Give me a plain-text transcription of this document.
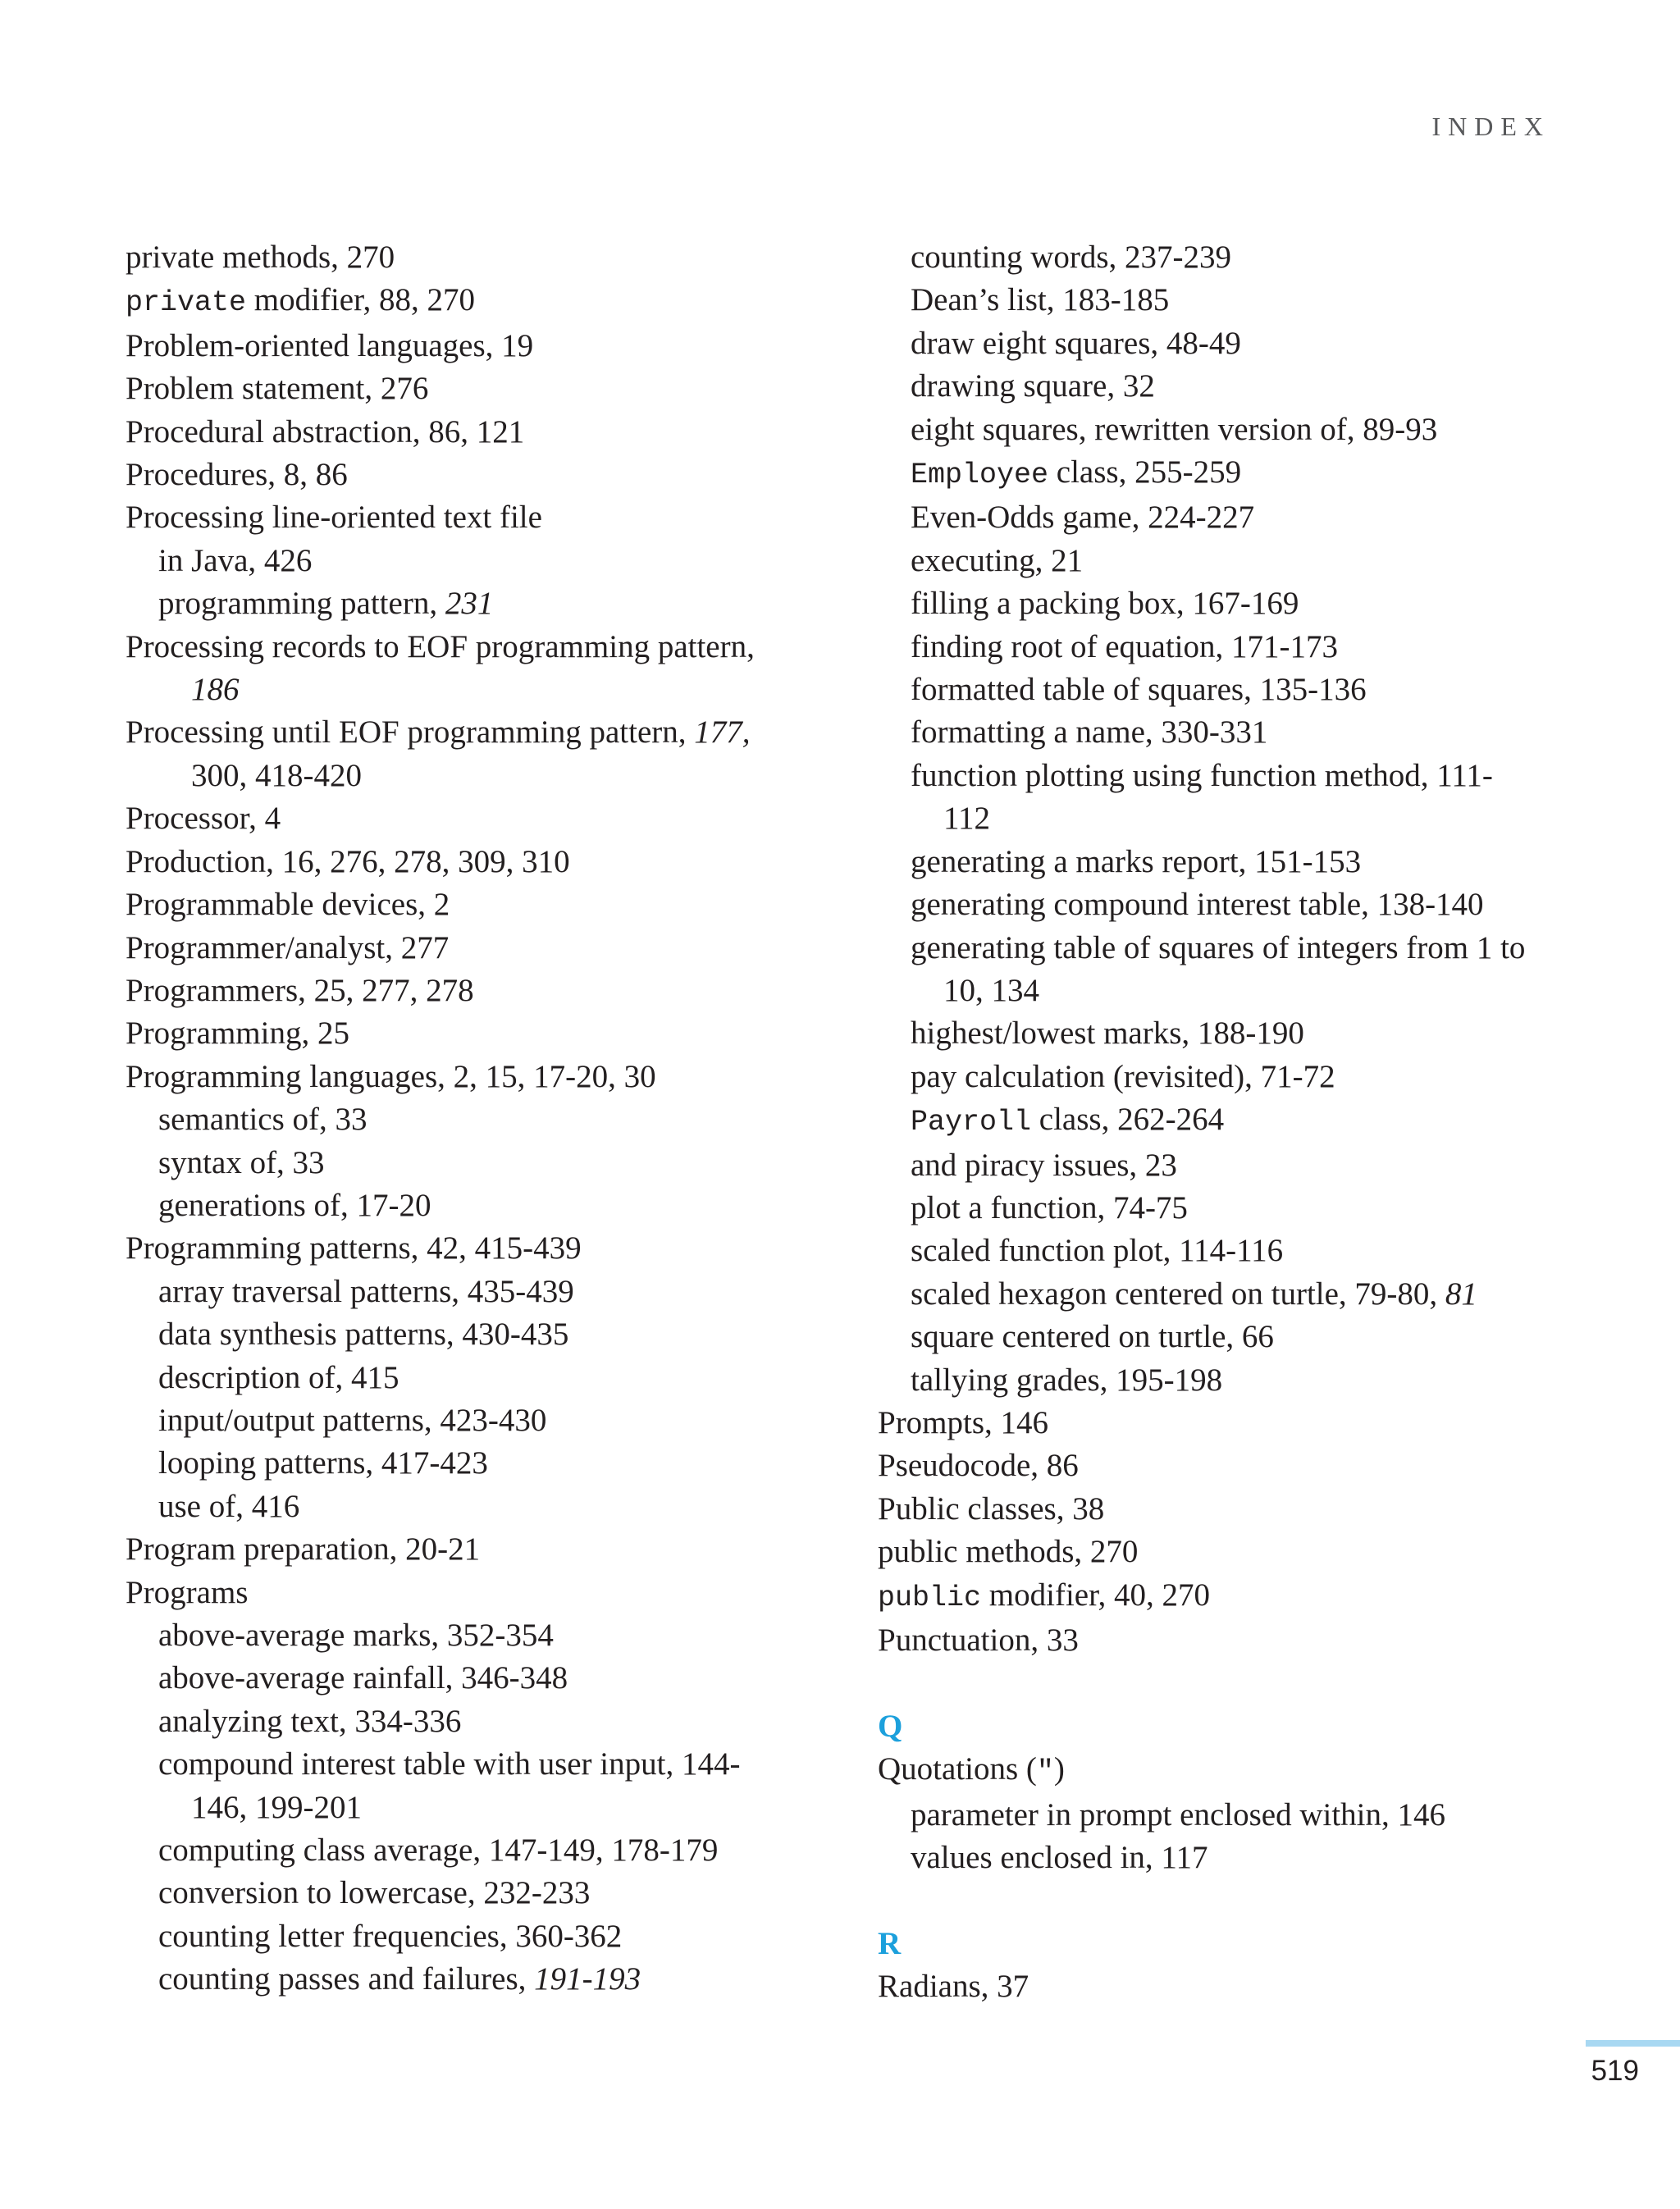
INDEX
private methods, 270
private modifier, 88, 270
Problem-oriented languages, 19
Problem statement, 276
Procedural abstraction, 86, 121
Procedures, 8, 86
Processing line-oriented text file
in Java, 426
programming pattern, 231
Processing records to EOF programming pattern,
186
Processing until EOF programming pattern, 177,
300, 418-420
Processor, 4
Production, 16, 276, 278, 309, 310
Programmable devices, 2
Programmer/analyst, 277
Programmers, 25, 277, 278
Programming, 25
Programming languages, 2, 15, 17-20, 30
semantics of, 33
syntax of, 33
generations of, 17-20
Programming patterns, 42, 415-439
array traversal patterns, 435-439
data synthesis patterns, 430-435
description of, 415
input/output patterns, 423-430
looping patterns, 417-423
use of, 416
Program preparation, 20-21
Programs
above-average marks, 352-354
above-average rainfall, 346-348
analyzing text, 334-336
compound interest table with user input, 144-
146, 199-201
computing class average, 147-149, 178-179
conversion to lowercase, 232-233
counting letter frequencies, 360-362
counting passes and failures, 191-193
counting words, 237-239
Dean’s list, 183-185
draw eight squares, 48-49
drawing square, 32
eight squares, rewritten version of, 89-93
Employee class, 255-259
Even-Odds game, 224-227
executing, 21
filling a packing box, 167-169
finding root of equation, 171-173
formatted table of squares, 135-136
formatting a name, 330-331
function plotting using function method, 111-
112
generating a marks report, 151-153
generating compound interest table, 138-140
generating table of squares of integers from 1 to
10, 134
highest/lowest marks, 188-190
pay calculation (revisited), 71-72
Payroll class, 262-264
and piracy issues, 23
plot a function, 74-75
scaled function plot, 114-116
scaled hexagon centered on turtle, 79-80, 81
square centered on turtle, 66
tallying grades, 195-198
Prompts, 146
Pseudocode, 86
Public classes, 38
public methods, 270
public modifier, 40, 270
Punctuation, 33
Q
Quotations (")
parameter in prompt enclosed within, 146
values enclosed in, 117
R
Radians, 37
519
